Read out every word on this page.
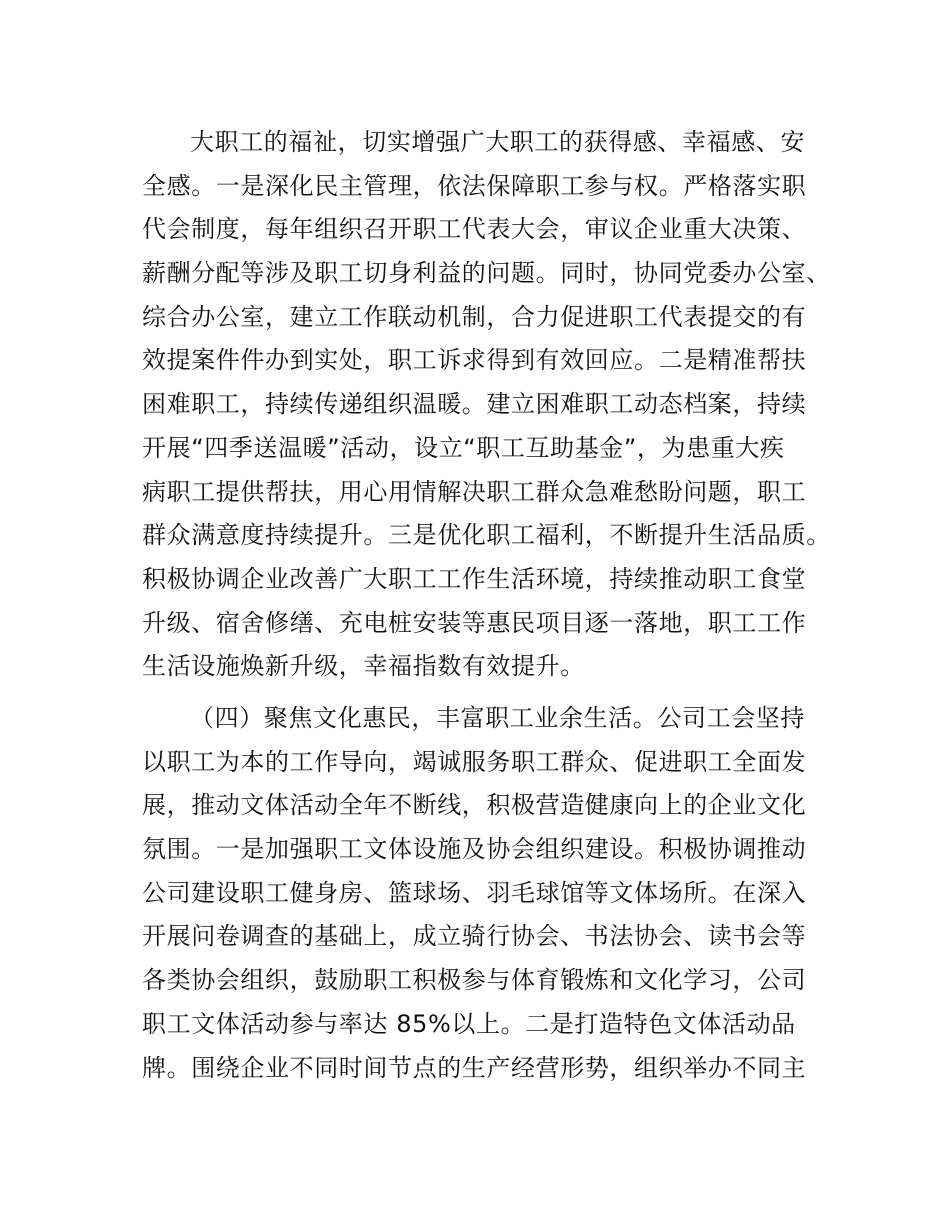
大职工的福祉，切实增强广大职工的获得感、幸福感、安
全感。一是深化民主管理，依法保障职工参与权。严格落实职
代会制度，每年组织召开职工代表大会，审议企业重大决策、
薪酬分配等涉及职工切身利益的问题。同时，协同党委办公室、
综合办公室，建立工作联动机制，合力促进职工代表提交的有
效提案件件办到实处，职工诉求得到有效回应。二是精准帮扶
困难职工，持续传递组织温暖。建立困难职工动态档案，持续
开展“四季送温暖”活动，设立“职工互助基金”，为患重大疾
病职工提供帮扶，用心用情解决职工群众急难愁盼问题，职工
群众满意度持续提升。三是优化职工福利，不断提升生活品质。
积极协调企业改善广大职工工作生活环境，持续推动职工食堂
升级、宿舍修缮、充电桩安装等惠民项目逐一落地，职工工作
生活设施焕新升级，幸福指数有效提升。
（四）聚焦文化惠民，丰富职工业余生活。公司工会坚持
以职工为本的工作导向，竭诚服务职工群众、促进职工全面发
展，推动文体活动全年不断线，积极营造健康向上的企业文化
氛围。一是加强职工文体设施及协会组织建设。积极协调推动
公司建设职工健身房、篮球场、羽毛球馆等文体场所。在深入
开展问卷调查的基础上，成立骑行协会、书法协会、读书会等
各类协会组织，鼓励职工积极参与体育锻炼和文化学习，公司
职工文体活动参与率达 85%以上。二是打造特色文体活动品
牌。围绕企业不同时间节点的生产经营形势，组织举办不同主
